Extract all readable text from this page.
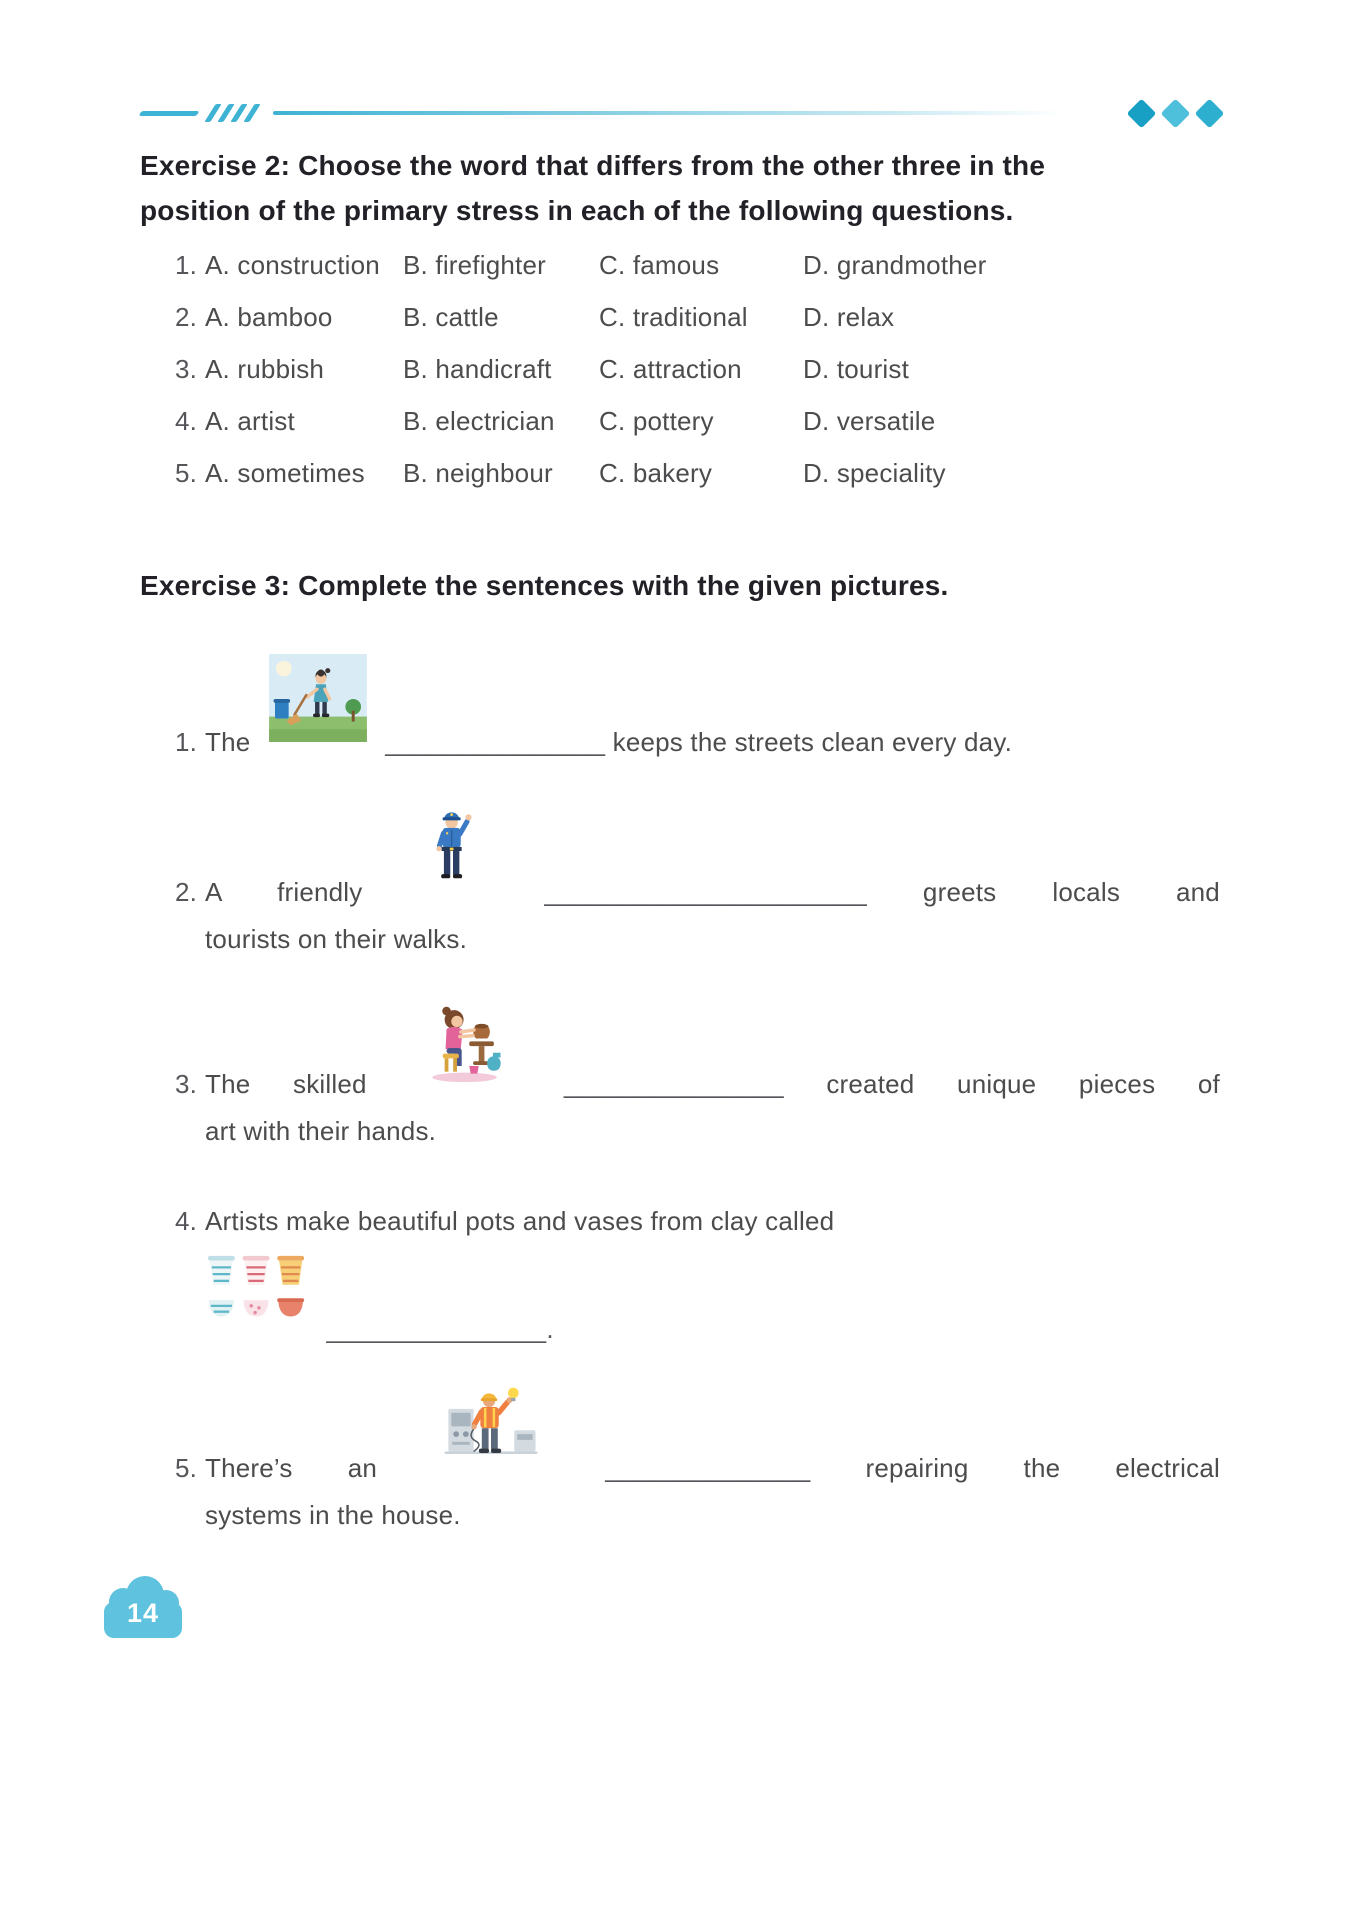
Exercise 2: Choose the word that differs from the other three in the
position of the primary stress in each of the following questions.
1. A. construction B. firefighter	C. famous	D. grandmother
2. A. bamboo	B. cattle	C. traditional	D. relax
3. A. rubbish	B. handicraft	C. attraction	D. tourist
4. A. artist	B. electrician	C. pottery	D. versatile
5. A. sometimes	B. neighbour	C. bakery	D. speciality
Exercise 3: Complete the sentences with the given pictures.
1. The	_______________ keeps the streets clean every day.
2. A friendly	______________________ greets locals and
tourists on their walks.
3. The skilled	_______________ created unique pieces of
art with their hands.
4. Artists make beautiful pots and vases from clay called
_______________.
5. There’s an	______________ repairing the electrical
systems in the house.
14
